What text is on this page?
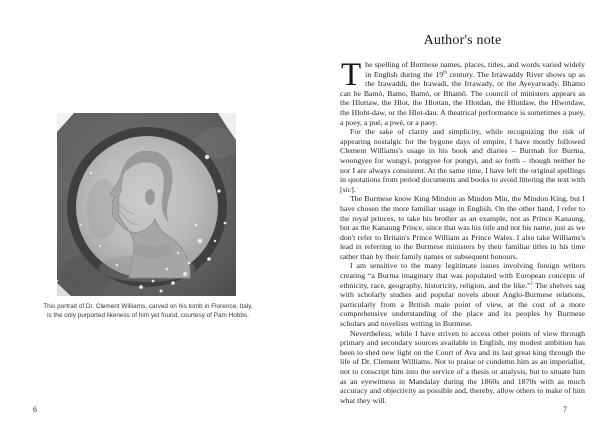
This portrait of Dr. Clement Williams, carved on his tomb in Florence, Italy,
is the only purported likeness of him yet found, courtesy of Pam Hobbs.
6
Author's note

The spelling of Burmese names, places, titles, and words varied widely in English during the 19th century. The Irrawaddy River shows up as the Irawaddi, the Irawadi, the Irrawady, or the Ayeyarwady. Bhamo can be Bamò, Bamo, Bamó, or Bhamô. The council of ministers appears as the Hluttaw, the Hlot, the Hlottan, the Hlotdan, the Hlutdaw, the Hlwotdaw, the Hloht-daw, or the Hlot-dau. A theatrical performance is sometimes a puey, a poey, a pué, a pwé, or a paoy.

For the sake of clarity and simplicity, while recognizing the risk of appearing nostalgic for the bygone days of empire, I have mostly followed Clement Williams's usage in his book and diaries – Burmah for Burma, woongyee for wungyi, pongyee for pongyi, and so forth – though neither he nor I are always consistent. At the same time, I have left the original spellings in quotations from period documents and books to avoid littering the text with [sic].

The Burmese know King Mindon as Mindon Min, the Mindon King, but I have chosen the more familiar usage in English. On the other hand, I refer to the royal princes, to take his brother as an example, not as Prince Kanaung, but as the Kanaung Prince, since that was his title and not his name, just as we don't refer to Britain's Prince William as Prince Wales. I also take Williams's lead in referring to the Burmese ministers by their familiar titles in his time rather than by their family names or subsequent honours.

I am sensitive to the many legitimate issues involving foreign writers creating “a Burma imaginary that was populated with European concepts of ethnicity, race, geography, historicity, religion, and the like.”$^1$ The shelves sag with scholarly studies and popular novels about Anglo-Burmese relations, particularly from a British male point of view, at the cost of a more comprehensive understanding of the place and its peoples by Burmese scholars and novelists writing in Burmese.

Nevertheless, while I have striven to access other points of view through primary and secondary sources available in English, my modest ambition has been to shed new light on the Court of Ava and its last great king through the life of Dr. Clement Williams. Not to praise or condemn him as an imperialist, not to conscript him into the service of a thesis or analysis, but to situate him as an eyewitness in Mandalay during the 1860s and 1870s with as much accuracy and objectivity as possible and, thereby, allow others to make of him what they will.

7
